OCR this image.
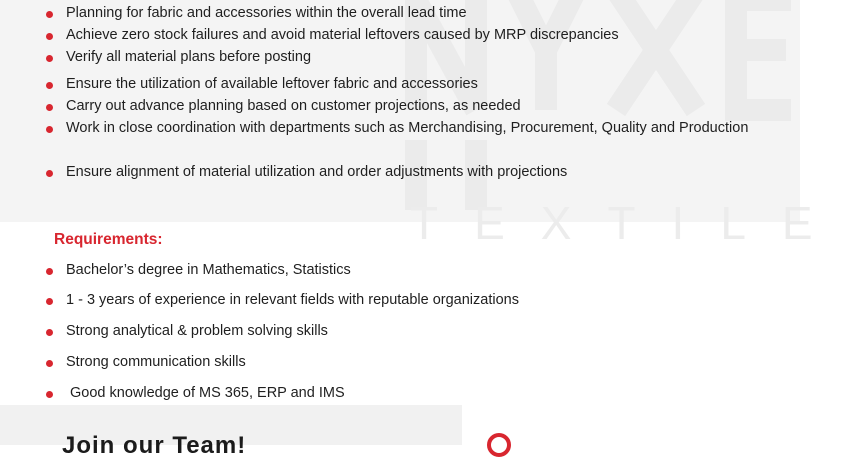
TEXTILE
Planning for fabric and accessories within the overall lead time
Achieve zero stock failures and avoid material leftovers caused by MRP discrepancies
Verify all material plans before posting
Ensure the utilization of available leftover fabric and accessories
Carry out advance planning based on customer projections, as needed
Work in close coordination with departments such as Merchandising, Procurement, Quality and Production
Ensure alignment of material utilization and order adjustments with projections
Requirements:
Bachelor’s degree in Mathematics, Statistics
1 - 3 years of experience in relevant fields with reputable organizations
Strong analytical & problem solving skills
Strong communication skills
Good knowledge of MS 365, ERP and IMS
Join our Team!
